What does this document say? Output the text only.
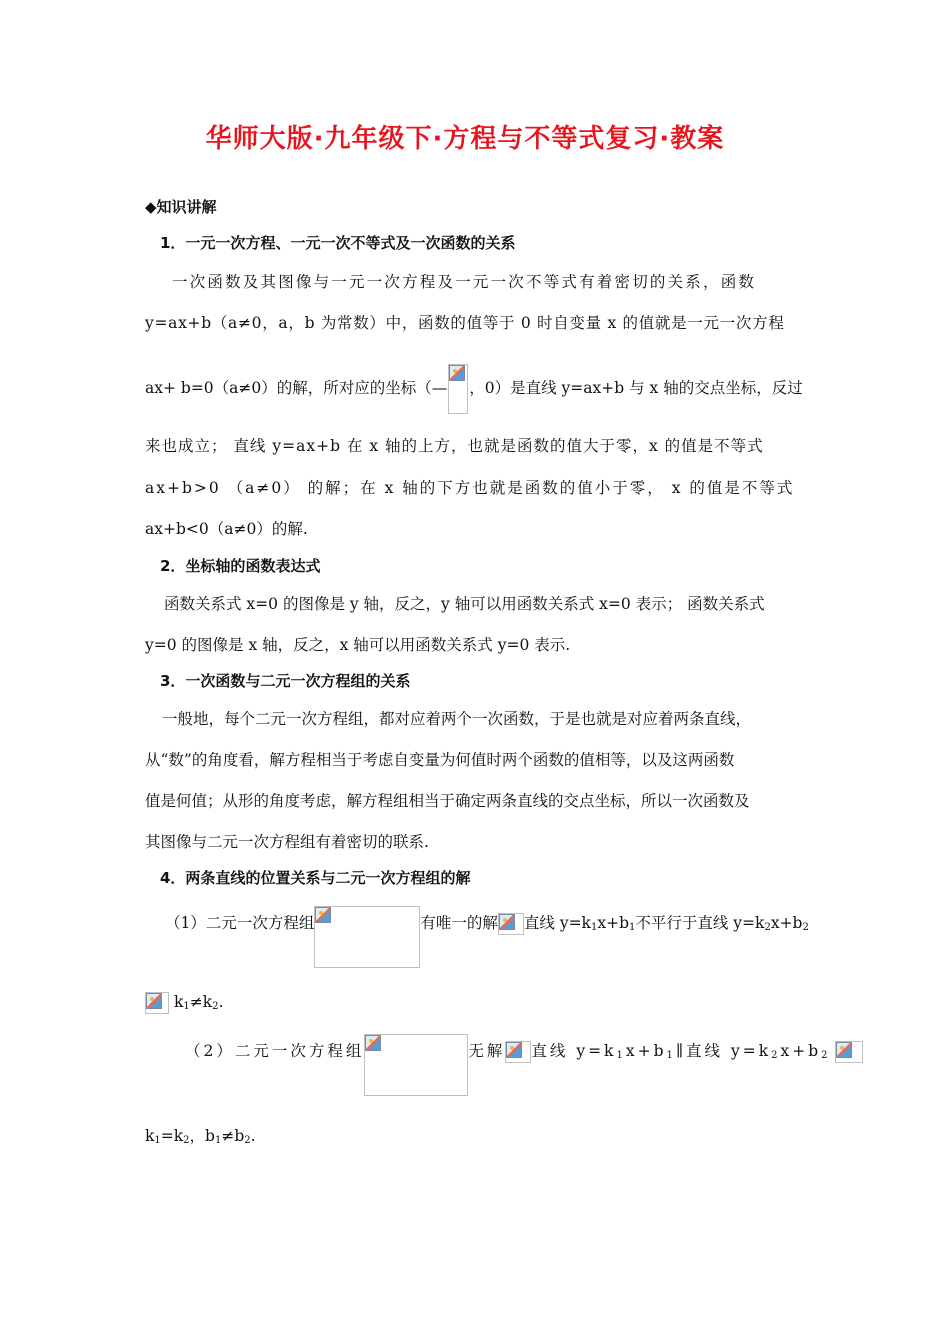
华师大版·九年级下·方程与不等式复习·教案
◆知识讲解
1．一元一次方程、一元一次不等式及一次函数的关系
一次函数及其图像与一元一次方程及一元一次不等式有着密切的关系，函数
y=ax+b（a≠0，a，b 为常数）中，函数的值等于 0 时自变量 x 的值就是一元一次方程
ax+ b=0（a≠0）的解，所对应的坐标（— ，0）是直线 y=ax+b 与 x 轴的交点坐标，反过
来也成立； 直线 y=ax+b 在 x 轴的上方，也就是函数的值大于零，x 的值是不等式
ax+b>0 （a≠0） 的解；在 x 轴的下方也就是函数的值小于零， x 的值是不等式
ax+b<0（a≠0）的解.
2．坐标轴的函数表达式
函数关系式 x=0 的图像是 y 轴，反之，y 轴可以用函数关系式 x=0 表示； 函数关系式
y=0 的图像是 x 轴，反之，x 轴可以用函数关系式 y=0 表示.
3．一次函数与二元一次方程组的关系
一般地，每个二元一次方程组，都对应着两个一次函数，于是也就是对应着两条直线，
从“数”的角度看，解方程相当于考虑自变量为何值时两个函数的值相等，以及这两函数
值是何值；从形的角度考虑，解方程组相当于确定两条直线的交点坐标，所以一次函数及
其图像与二元一次方程组有着密切的联系.
4．两条直线的位置关系与二元一次方程组的解
（1）二元一次方程组	有唯一的解 直线 $y=k_1x+b_1$不平行于直线 $y=k_2x+b_2$
$k_1\ne k_2$.
（2）二元一次方程组	无解 直线 $y=k_1x+b_1\parallel$直线 $y=k_2x+b_2$
$k_1=k_2$，$b_1\ne b_2$.
